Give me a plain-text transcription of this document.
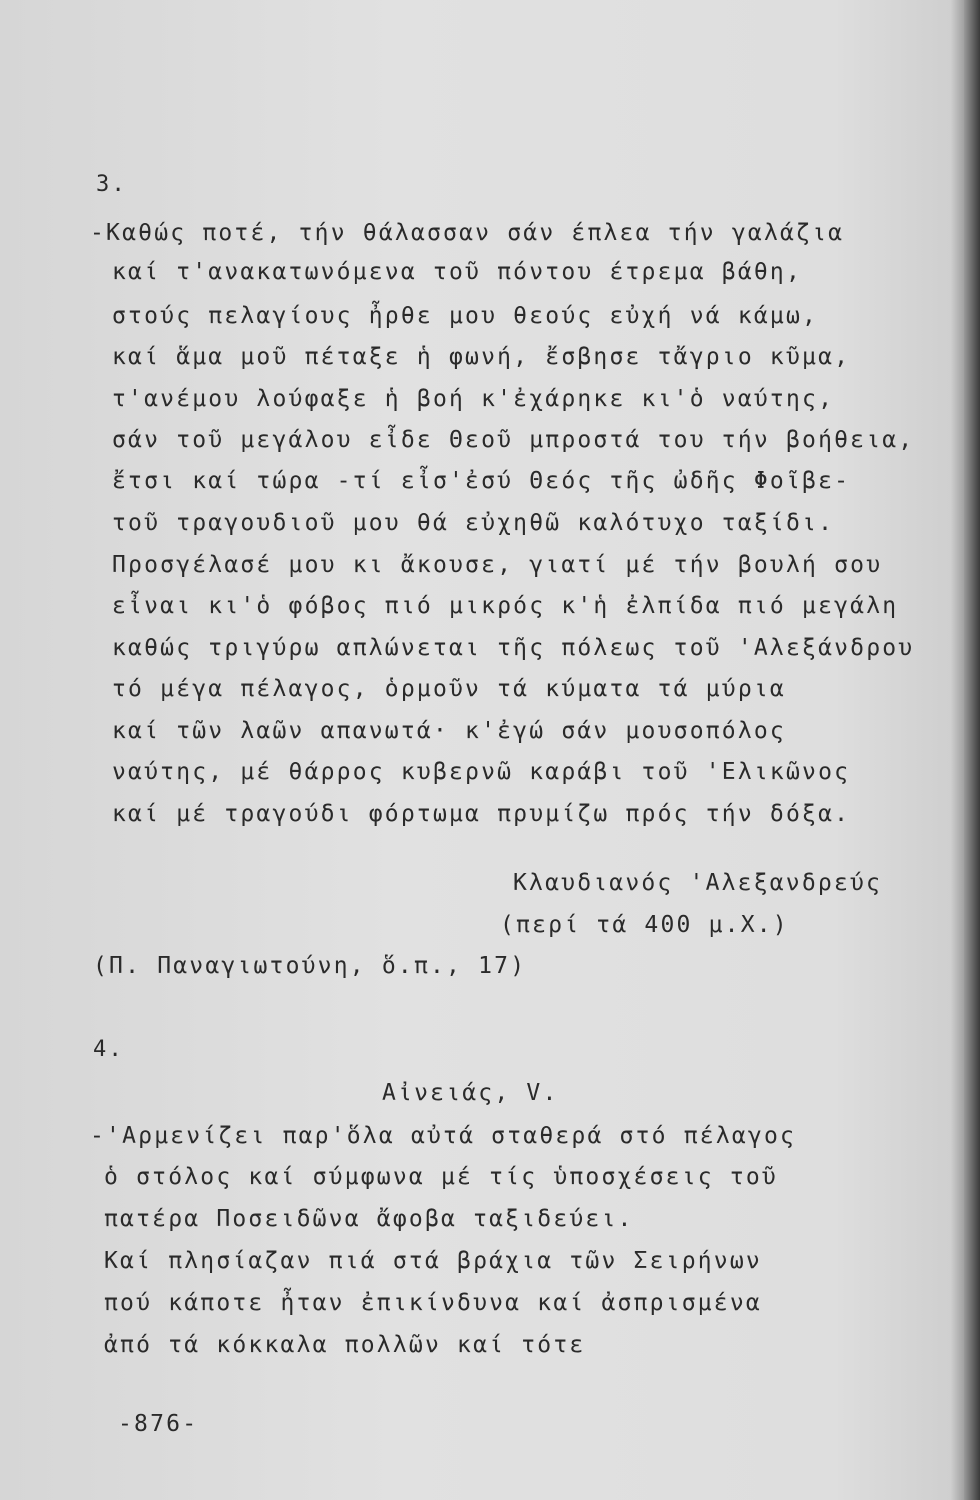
3.
-Καθώς ποτέ, τήν θάλασσαν σάν έπλεα τήν γαλάζια
καί τ'ανακατωνόμενα τοῦ πόντου έτρεμα βάθη,
στούς πελαγίους ἦρθε μου θεούς εὐχή νά κάμω,
καί ἅμα μοῦ πέταξε ἡ φωνή, ἔσβησε τἄγριο κῦμα,
τ'ανέμου λούφαξε ἡ βοή κ'ἐχάρηκε κι'ὁ ναύτης,
σάν τοῦ μεγάλου εἶδε Θεοῦ μπροστά του τήν βοήθεια,
ἔτσι καί τώρα -τί εἶσ'ἐσύ Θεός τῆς ὠδῆς Φοῖβε-
τοῦ τραγουδιοῦ μου θά εὐχηθῶ καλότυχο ταξίδι.
Προσγέλασέ μου κι ἄκουσε, γιατί μέ τήν βουλή σου
εἶναι κι'ὁ φόβος πιό μικρός κ'ἡ ἐλπίδα πιό μεγάλη
καθώς τριγύρω απλώνεται τῆς πόλεως τοῦ 'Αλεξάνδρου
τό μέγα πέλαγος, ὁρμοῦν τά κύματα τά μύρια
καί τῶν λαῶν απανωτά· κ'ἐγώ σάν μουσοπόλος
ναύτης, μέ θάρρος κυβερνῶ καράβι τοῦ 'Ελικῶνος
καί μέ τραγούδι φόρτωμα πρυμίζω πρός τήν δόξα.
Κλαυδιανός 'Αλεξανδρεύς
(περί τά 400 μ.Χ.)
(Π. Παναγιωτούνη, ὅ.π., 17)
4.
Αἰνειάς, V.
-'Αρμενίζει παρ'ὅλα αὐτά σταθερά στό πέλαγος
ὁ στόλος καί σύμφωνα μέ τίς ὑποσχέσεις τοῦ
πατέρα Ποσειδῶνα ἄφοβα ταξιδεύει.
Καί πλησίαζαν πιά στά βράχια τῶν Σειρήνων
πού κάποτε ἦταν ἐπικίνδυνα καί ἀσπρισμένα
ἀπό τά κόκκαλα πολλῶν καί τότε
-876-
